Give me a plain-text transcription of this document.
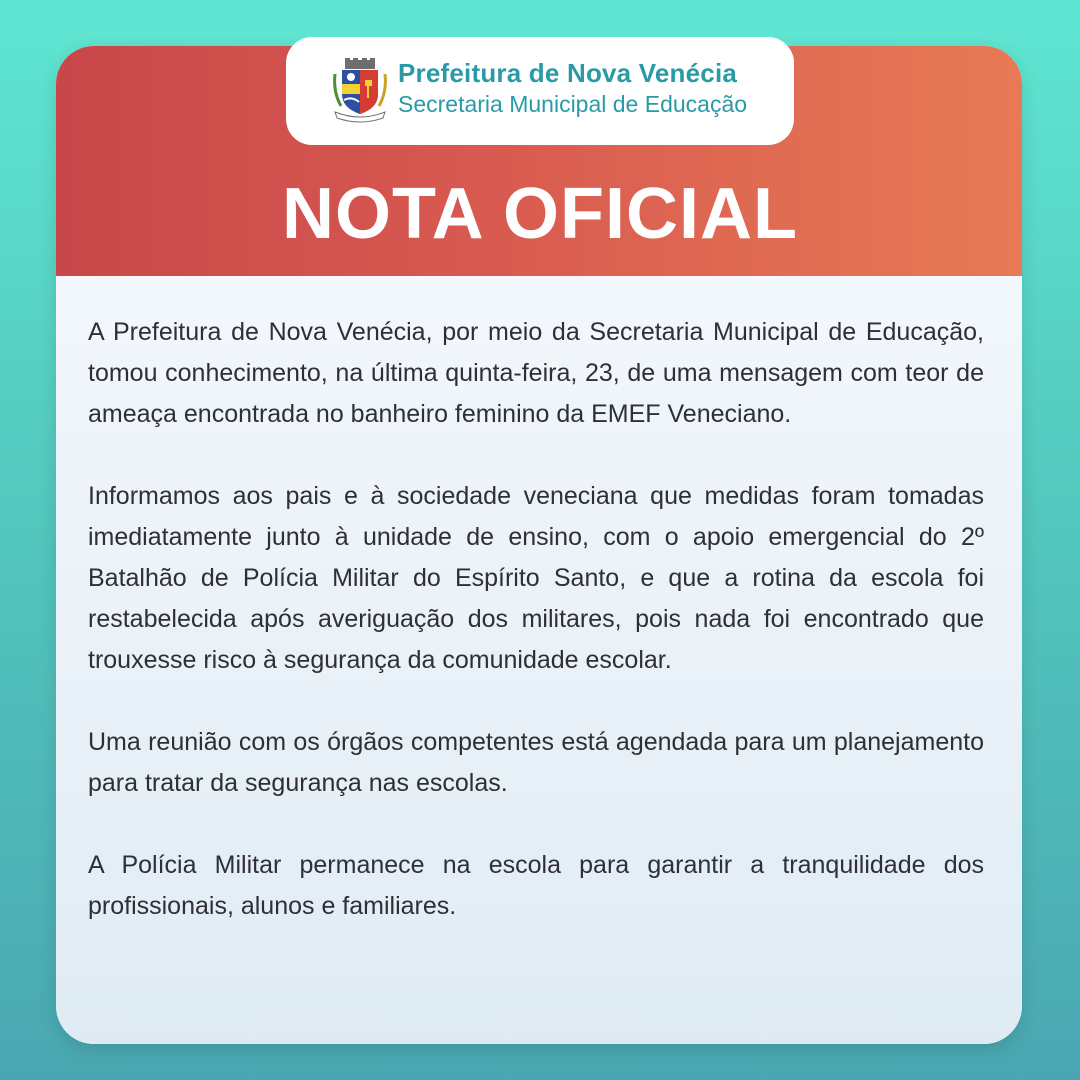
Prefeitura de Nova Venécia
Secretaria Municipal de Educação
NOTA OFICIAL

A Prefeitura de Nova Venécia, por meio da Secretaria Municipal de Educação, tomou conhecimento, na última quinta-feira, 23, de uma mensagem com teor de ameaça encontrada no banheiro feminino da EMEF Veneciano.

Informamos aos pais e à sociedade veneciana que medidas foram tomadas imediatamente junto à unidade de ensino, com o apoio emergencial do 2º Batalhão de Polícia Militar do Espírito Santo, e que a rotina da escola foi restabelecida após averiguação dos militares, pois nada foi encontrado que trouxesse risco à segurança da comunidade escolar.

Uma reunião com os órgãos competentes está agendada para um planejamento para tratar da segurança nas escolas.

A Polícia Militar permanece na escola para garantir a tranquilidade dos profissionais, alunos e familiares.
